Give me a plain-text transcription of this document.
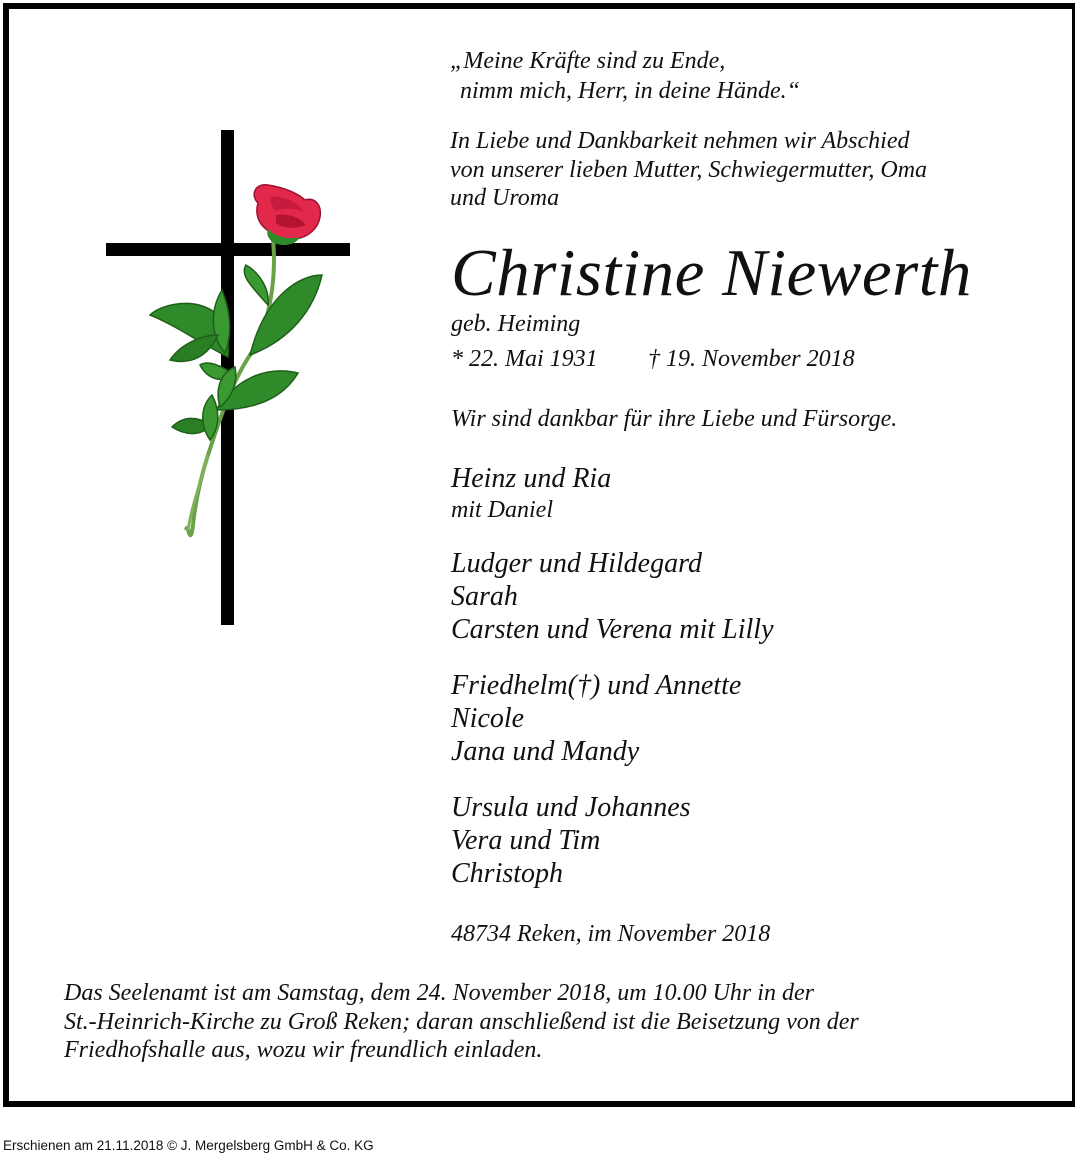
„Meine Kräfte sind zu Ende,

nimm mich, Herr, in deine Hände.“
In Liebe und Dankbarkeit nehmen wir Abschied
von unserer lieben Mutter, Schwiegermutter, Oma
und Uroma
Christine Niewerth
geb. Heiming
* 22. Mai 1931 † 19. November 2018
Wir sind dankbar für ihre Liebe und Fürsorge.
Heinz und Ria
mit Daniel
Ludger und Hildegard
Sarah
Carsten und Verena mit Lilly
Friedhelm(†) und Annette
Nicole
Jana und Mandy
Ursula und Johannes
Vera und Tim
Christoph
48734 Reken, im November 2018
Das Seelenamt ist am Samstag, dem 24. November 2018, um 10.00 Uhr in der
St.-Heinrich-Kirche zu Groß Reken; daran anschließend ist die Beisetzung von der
Friedhofshalle aus, wozu wir freundlich einladen.
Erschienen am 21.11.2018 © J. Mergelsberg GmbH & Co. KG
